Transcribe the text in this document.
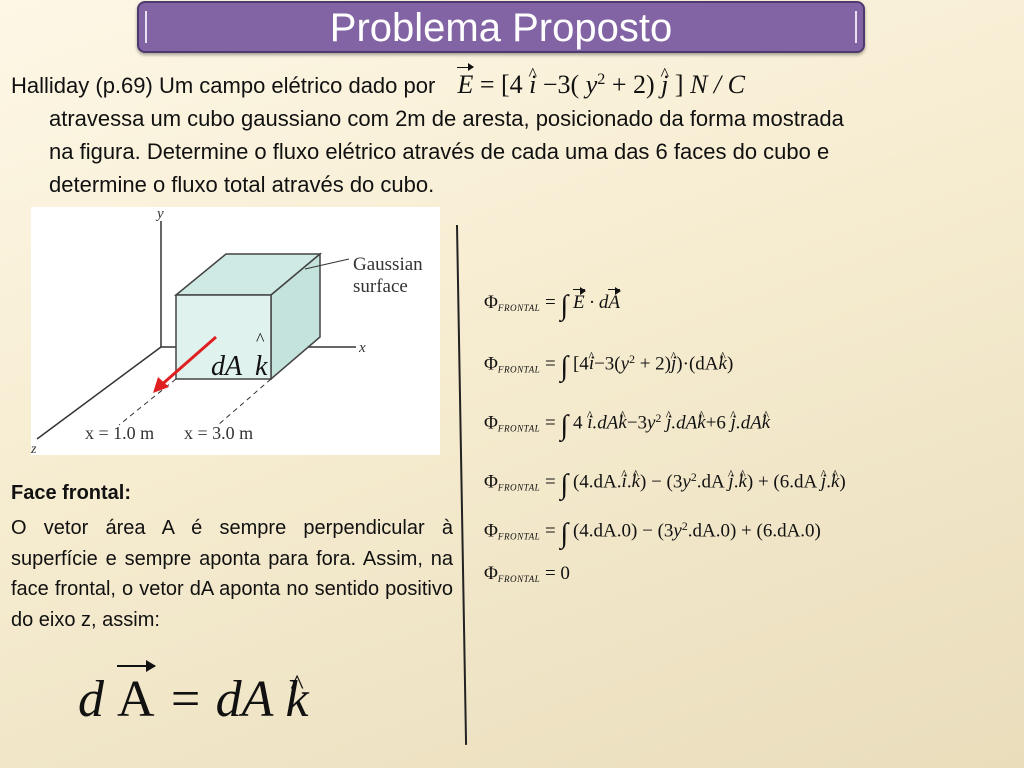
Problema Proposto
Halliday (p.69) Um campo elétrico dado por E = [4 ^ i −3( $y^2 + 2$) ^ j ] N / C
atravessa um cubo gaussiano com 2m de aresta, posicionado da forma mostrada
na figura. Determine o fluxo elétrico através de cada uma das 6 faces do cubo e
determine o fluxo total através do cubo.
y
x
z
Gaussian
surface
x = 1.0 m x = 3.0 m
dA k
^
Face frontal:
O vetor área A é sempre perpendicular à superfície e sempre aponta para fora. Assim, na face frontal, o vetor dA aponta no sentido positivo do eixo z, assim:
d A = dA ^ k
$\Phi_{FRONTAL}$ = ∫ E · dA
$\Phi_{FRONTAL}$ = ∫ [4^ $i-3(y^2$ + 2)^ j)·(dA^ k)
$\Phi_{FRONTAL}$ = ∫ 4 ^ i.dA^ $k-3y^2$ ^ j.dA^ k+6 ^ j.dA^ k
$\Phi_{FRONTAL}$ = ∫ (4.dA.^ i.^ $k) - (3y^2.dA$ ^ j.^ k) + (6.dA ^ j.^ k)
$\Phi_{FRONTAL}$ = ∫ $(4.dA.0) - (3y^2.dA.0) + (6.dA.0)$
$\Phi_{FRONTAL} = 0$
